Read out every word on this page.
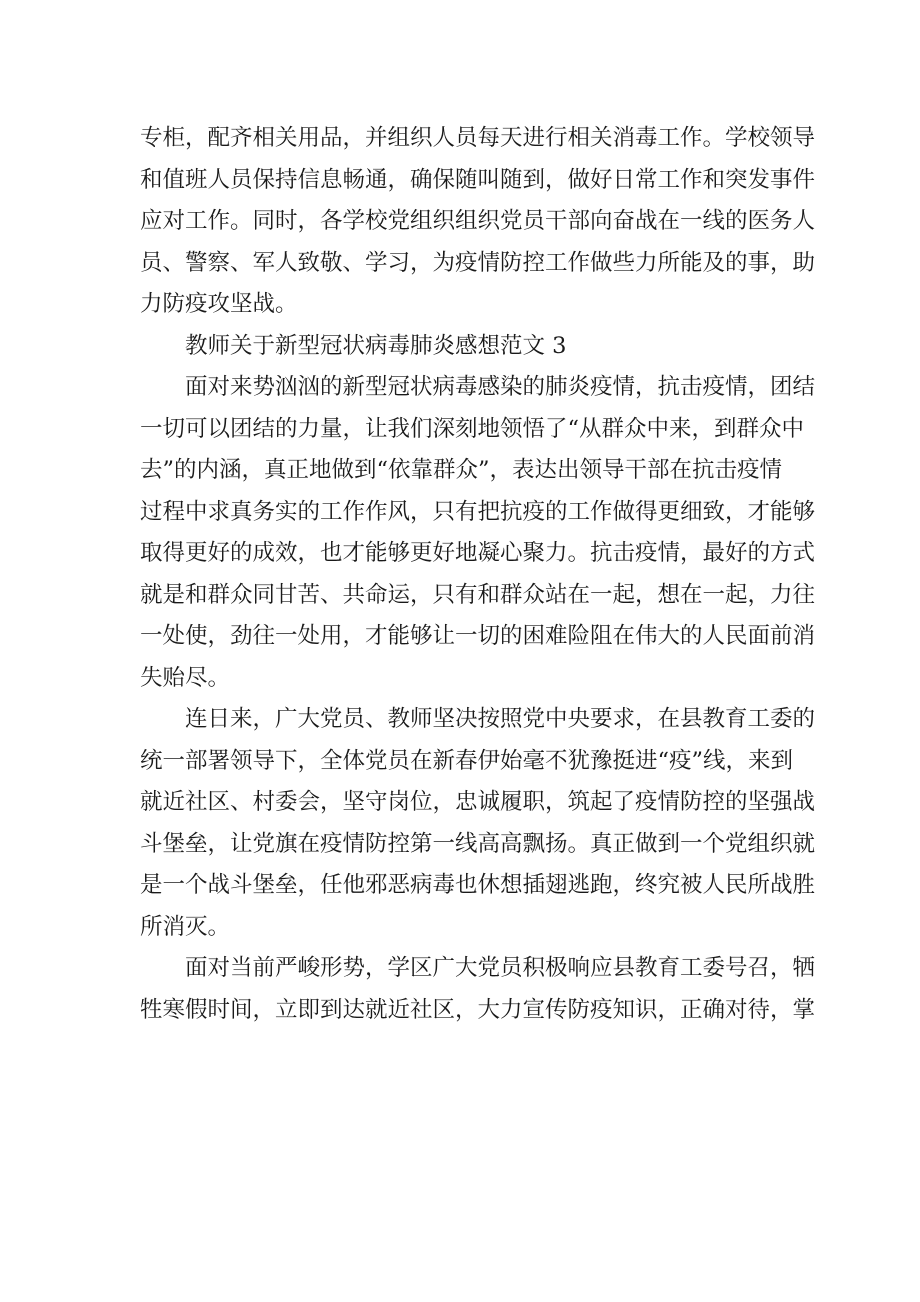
专柜，配齐相关用品，并组织人员每天进行相关消毒工作。学校领导
和值班人员保持信息畅通，确保随叫随到，做好日常工作和突发事件
应对工作。同时，各学校党组织组织党员干部向奋战在一线的医务人
员、警察、军人致敬、学习，为疫情防控工作做些力所能及的事，助
力防疫攻坚战。
教师关于新型冠状病毒肺炎感想范文 3
面对来势汹汹的新型冠状病毒感染的肺炎疫情，抗击疫情，团结
一切可以团结的力量，让我们深刻地领悟了“从群众中来，到群众中
去”的内涵，真正地做到“依靠群众”，表达出领导干部在抗击疫情
过程中求真务实的工作作风，只有把抗疫的工作做得更细致，才能够
取得更好的成效，也才能够更好地凝心聚力。抗击疫情，最好的方式
就是和群众同甘苦、共命运，只有和群众站在一起，想在一起，力往
一处使，劲往一处用，才能够让一切的困难险阻在伟大的人民面前消
失贻尽。
连日来，广大党员、教师坚决按照党中央要求，在县教育工委的
统一部署领导下，全体党员在新春伊始毫不犹豫挺进“疫”线，来到
就近社区、村委会，坚守岗位，忠诚履职，筑起了疫情防控的坚强战
斗堡垒，让党旗在疫情防控第一线高高飘扬。真正做到一个党组织就
是一个战斗堡垒，任他邪恶病毒也休想插翅逃跑，终究被人民所战胜
所消灭。
面对当前严峻形势，学区广大党员积极响应县教育工委号召，牺
牲寒假时间，立即到达就近社区，大力宣传防疫知识，正确对待，掌
